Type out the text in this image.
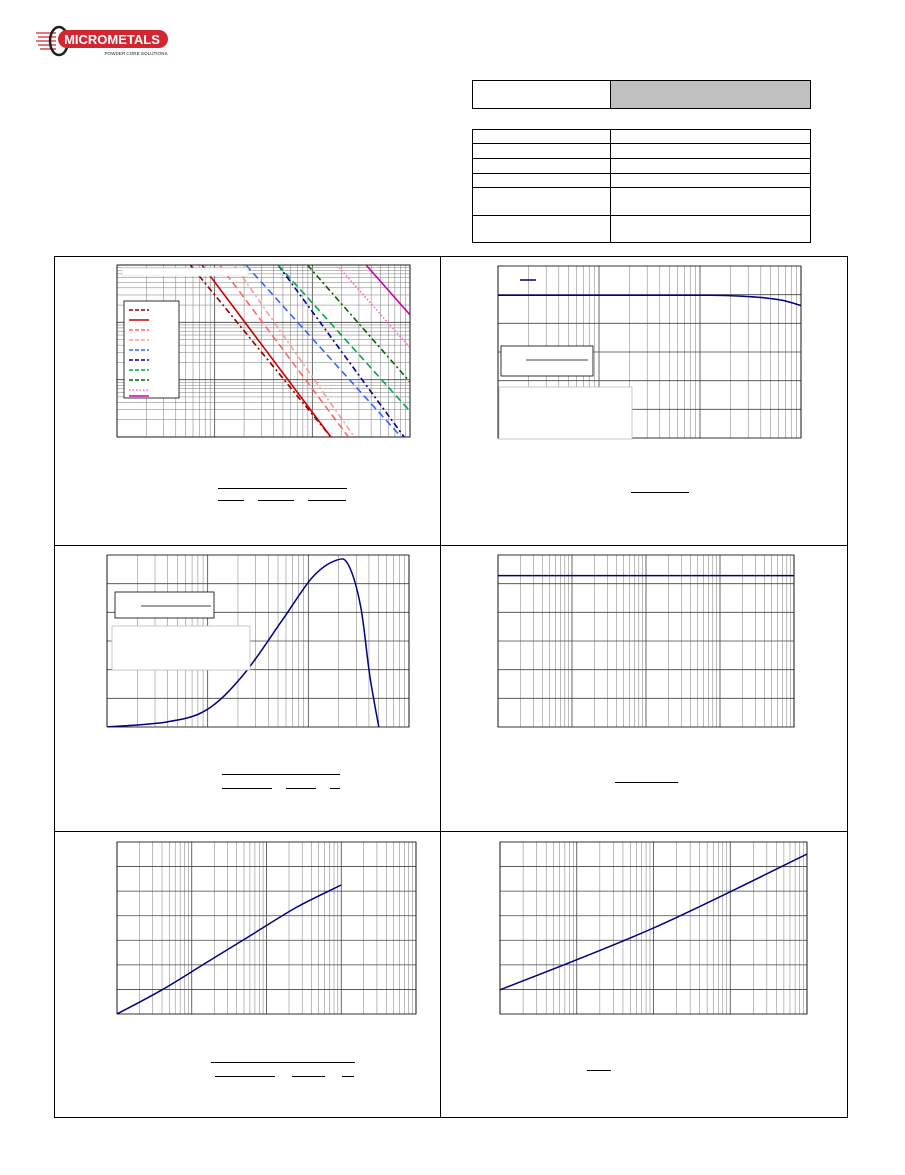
MICROMETALS
POWDER CORE SOLUTIONS
